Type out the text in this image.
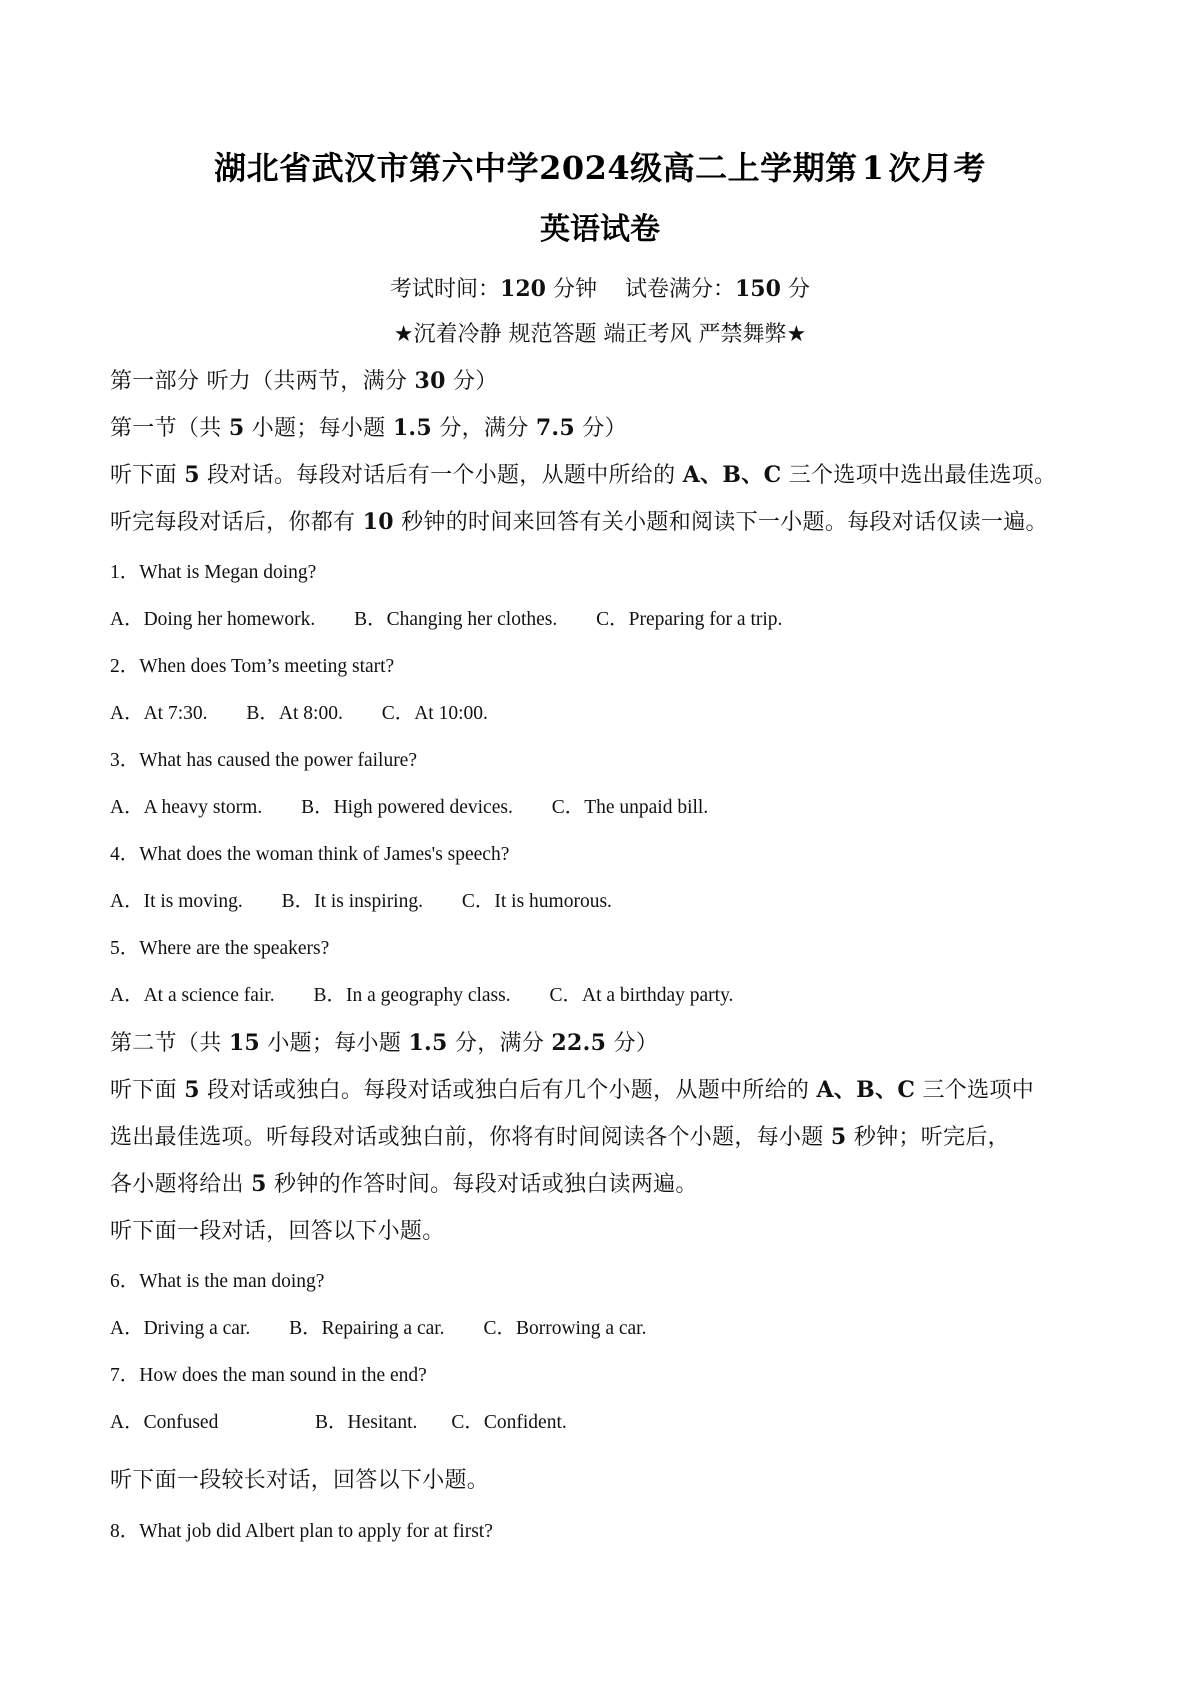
湖北省武汉市第六中学2024级高二上学期第 1 次月考
英语试卷
考试时间：120 分钟 试卷满分：150 分
★沉着冷静 规范答题 端正考风 严禁舞弊★
第一部分 听力（共两节，满分 30 分）
第一节（共 5 小题；每小题 1.5 分，满分 7.5 分）
听下面 5 段对话。每段对话后有一个小题，从题中所给的 A、B、C 三个选项中选出最佳选项。
听完每段对话后，你都有 10 秒钟的时间来回答有关小题和阅读下一小题。每段对话仅读一遍。
1．What is Megan doing?
A．Doing her homework. B．Changing her clothes. C．Preparing for a trip.
2．When does Tom’s meeting start?
A．At 7:30. B．At 8:00. C．At 10:00.
3．What has caused the power failure?
A．A heavy storm. B．High powered devices. C．The unpaid bill.
4．What does the woman think of James's speech?
A．It is moving. B．It is inspiring. C．It is humorous.
5．Where are the speakers?
A．At a science fair. B．In a geography class. C．At a birthday party.
第二节（共 15 小题；每小题 1.5 分，满分 22.5 分）
听下面 5 段对话或独白。每段对话或独白后有几个小题，从题中所给的 A、B、C 三个选项中
选出最佳选项。听每段对话或独白前，你将有时间阅读各个小题，每小题 5 秒钟；听完后，
各小题将给出 5 秒钟的作答时间。每段对话或独白读两遍。
听下面一段对话，回答以下小题。
6．What is the man doing?
A．Driving a car. B．Repairing a car. C．Borrowing a car.
7．How does the man sound in the end?
A．Confused	B．Hesitant. C．Confident.
听下面一段较长对话，回答以下小题。
8．What job did Albert plan to apply for at first?
